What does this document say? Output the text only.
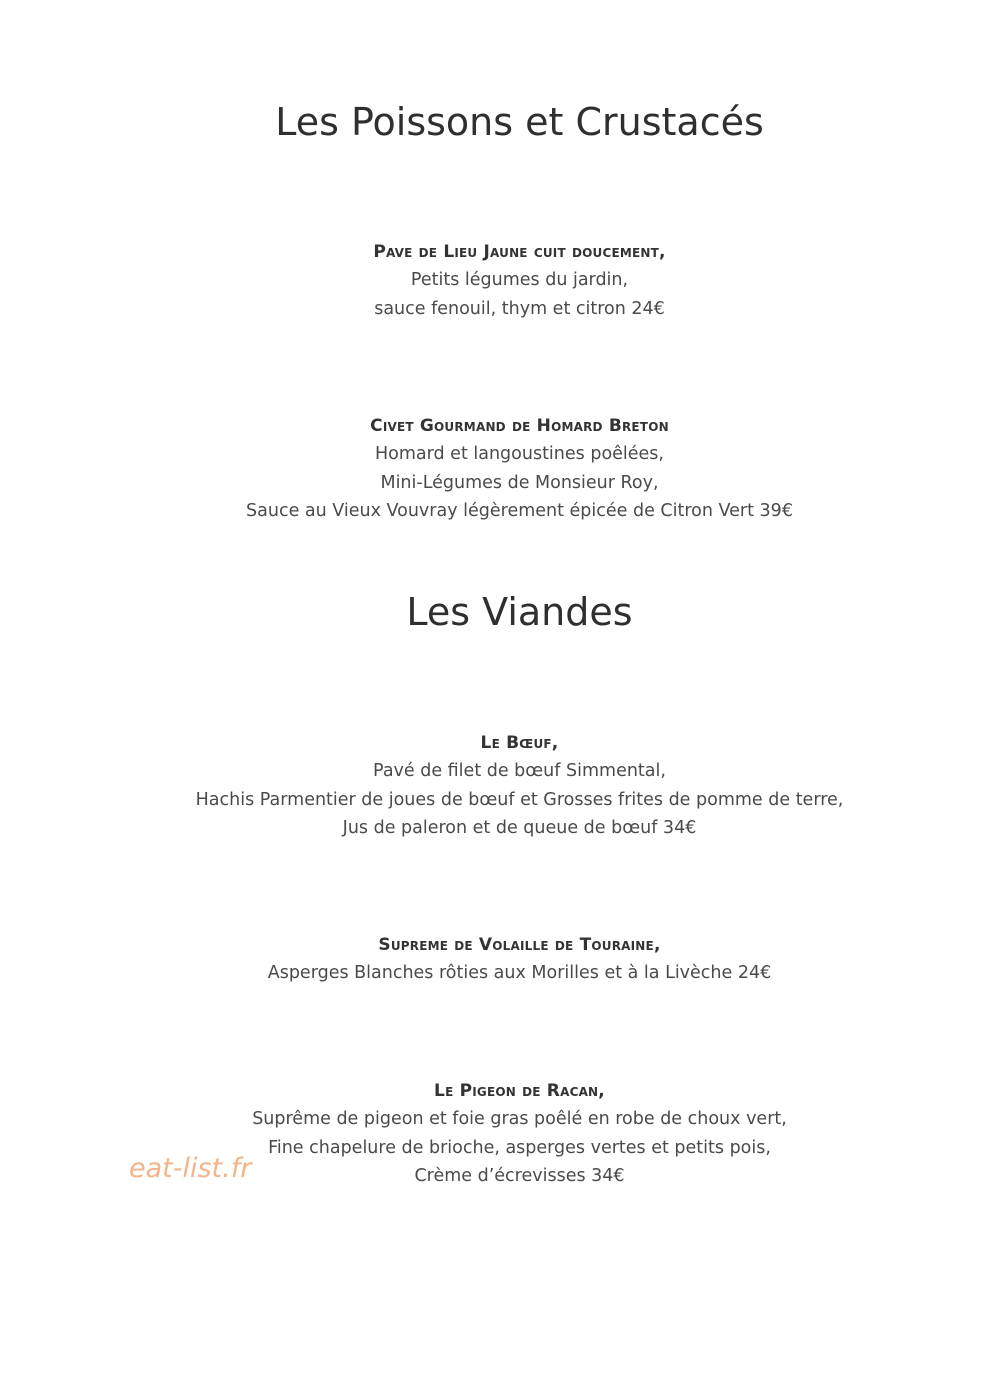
Les Poissons et Crustacés

Pave de Lieu Jaune cuit doucement,

Petits légumes du jardin,

sauce fenouil, thym et citron 24€

Civet Gourmand de Homard Breton

Homard et langoustines poêlées,

Mini-Légumes de Monsieur Roy,

Sauce au Vieux Vouvray légèrement épicée de Citron Vert 39€

Les Viandes

Le Bœuf,

Pavé de filet de bœuf Simmental,

Hachis Parmentier de joues de bœuf et Grosses frites de pomme de terre,

Jus de paleron et de queue de bœuf 34€

Supreme de Volaille de Touraine,

Asperges Blanches rôties aux Morilles et à la Livèche 24€

Le Pigeon de Racan,

Suprême de pigeon et foie gras poêlé en robe de choux vert,

Fine chapelure de brioche, asperges vertes et petits pois,

Crème d’écrevisses 34€

eat-list.fr
